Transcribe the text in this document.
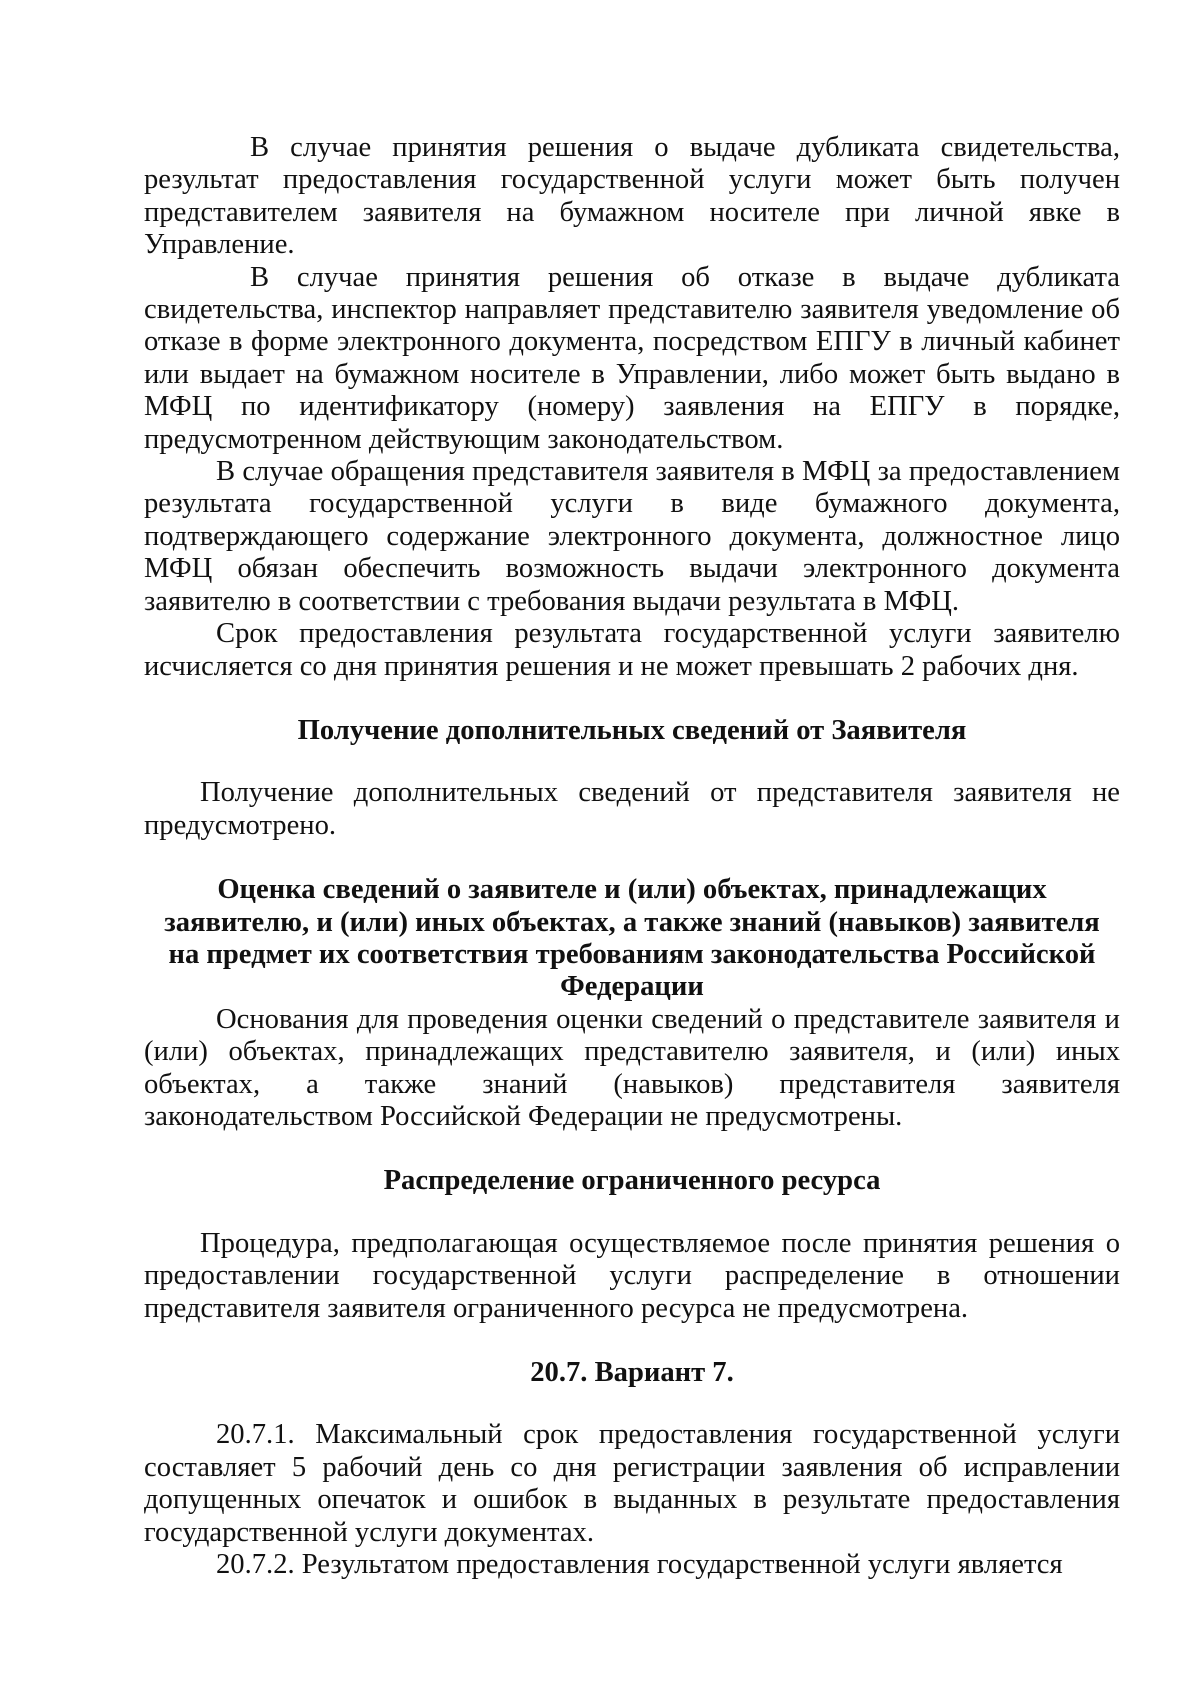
В случае принятия решения о выдаче дубликата свидетельства, результат предоставления государственной услуги может быть получен представителем заявителя на бумажном носителе при личной явке в Управление.

В случае принятия решения об отказе в выдаче дубликата свидетельства, инспектор направляет представителю заявителя уведомление об отказе в форме электронного документа, посредством ЕПГУ в личный кабинет или выдает на бумажном носителе в Управлении, либо может быть выдано в МФЦ по идентификатору (номеру) заявления на ЕПГУ в порядке, предусмотренном действующим законодательством.

В случае обращения представителя заявителя в МФЦ за предоставлением результата государственной услуги в виде бумажного документа, подтверждающего содержание электронного документа, должностное лицо МФЦ обязан обеспечить возможность выдачи электронного документа заявителю в соответствии с требования выдачи результата в МФЦ.

Срок предоставления результата государственной услуги заявителю исчисляется со дня принятия решения и не может превышать 2 рабочих дня.

Получение дополнительных сведений от Заявителя

Получение дополнительных сведений от представителя заявителя не предусмотрено.

Оценка сведений о заявителе и (или) объектах, принадлежащих заявителю, и (или) иных объектах, а также знаний (навыков) заявителя на предмет их соответствия требованиям законодательства Российской Федерации

Основания для проведения оценки сведений о представителе заявителя и (или) объектах, принадлежащих представителю заявителя, и (или) иных объектах, а также знаний (навыков) представителя заявителя законодательством Российской Федерации не предусмотрены.

Распределение ограниченного ресурса

Процедура, предполагающая осуществляемое после принятия решения о предоставлении государственной услуги распределение в отношении представителя заявителя ограниченного ресурса не предусмотрена.

20.7. Вариант 7.

20.7.1. Максимальный срок предоставления государственной услуги составляет 5 рабочий день со дня регистрации заявления об исправлении допущенных опечаток и ошибок в выданных в результате предоставления государственной услуги документах.

20.7.2. Результатом предоставления государственной услуги является
